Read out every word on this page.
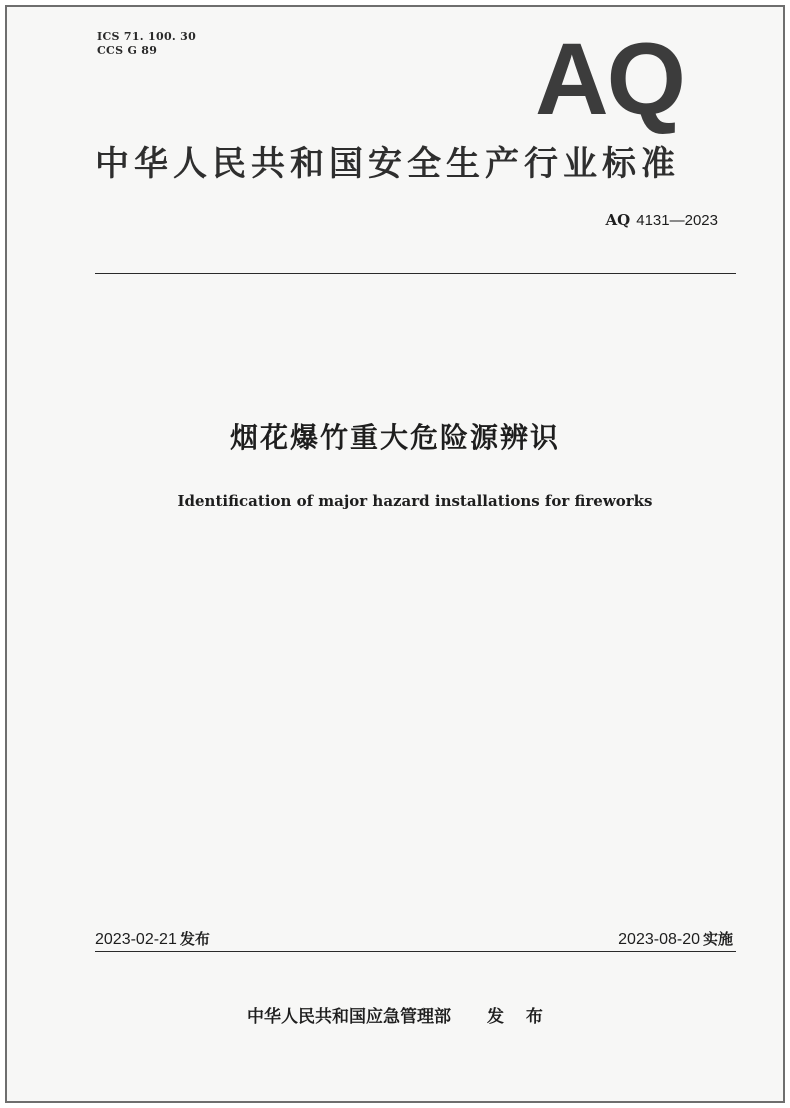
ICS 71. 100. 30
CCS G 89	AQ
中华人民共和国安全生产行业标准
AQ 4131—2023
烟花爆竹重大危险源辨识
Identification of major hazard installations for fireworks
2023-02-21 发布	2023-08-20 实施
中华人民共和国应急管理部 发 布
